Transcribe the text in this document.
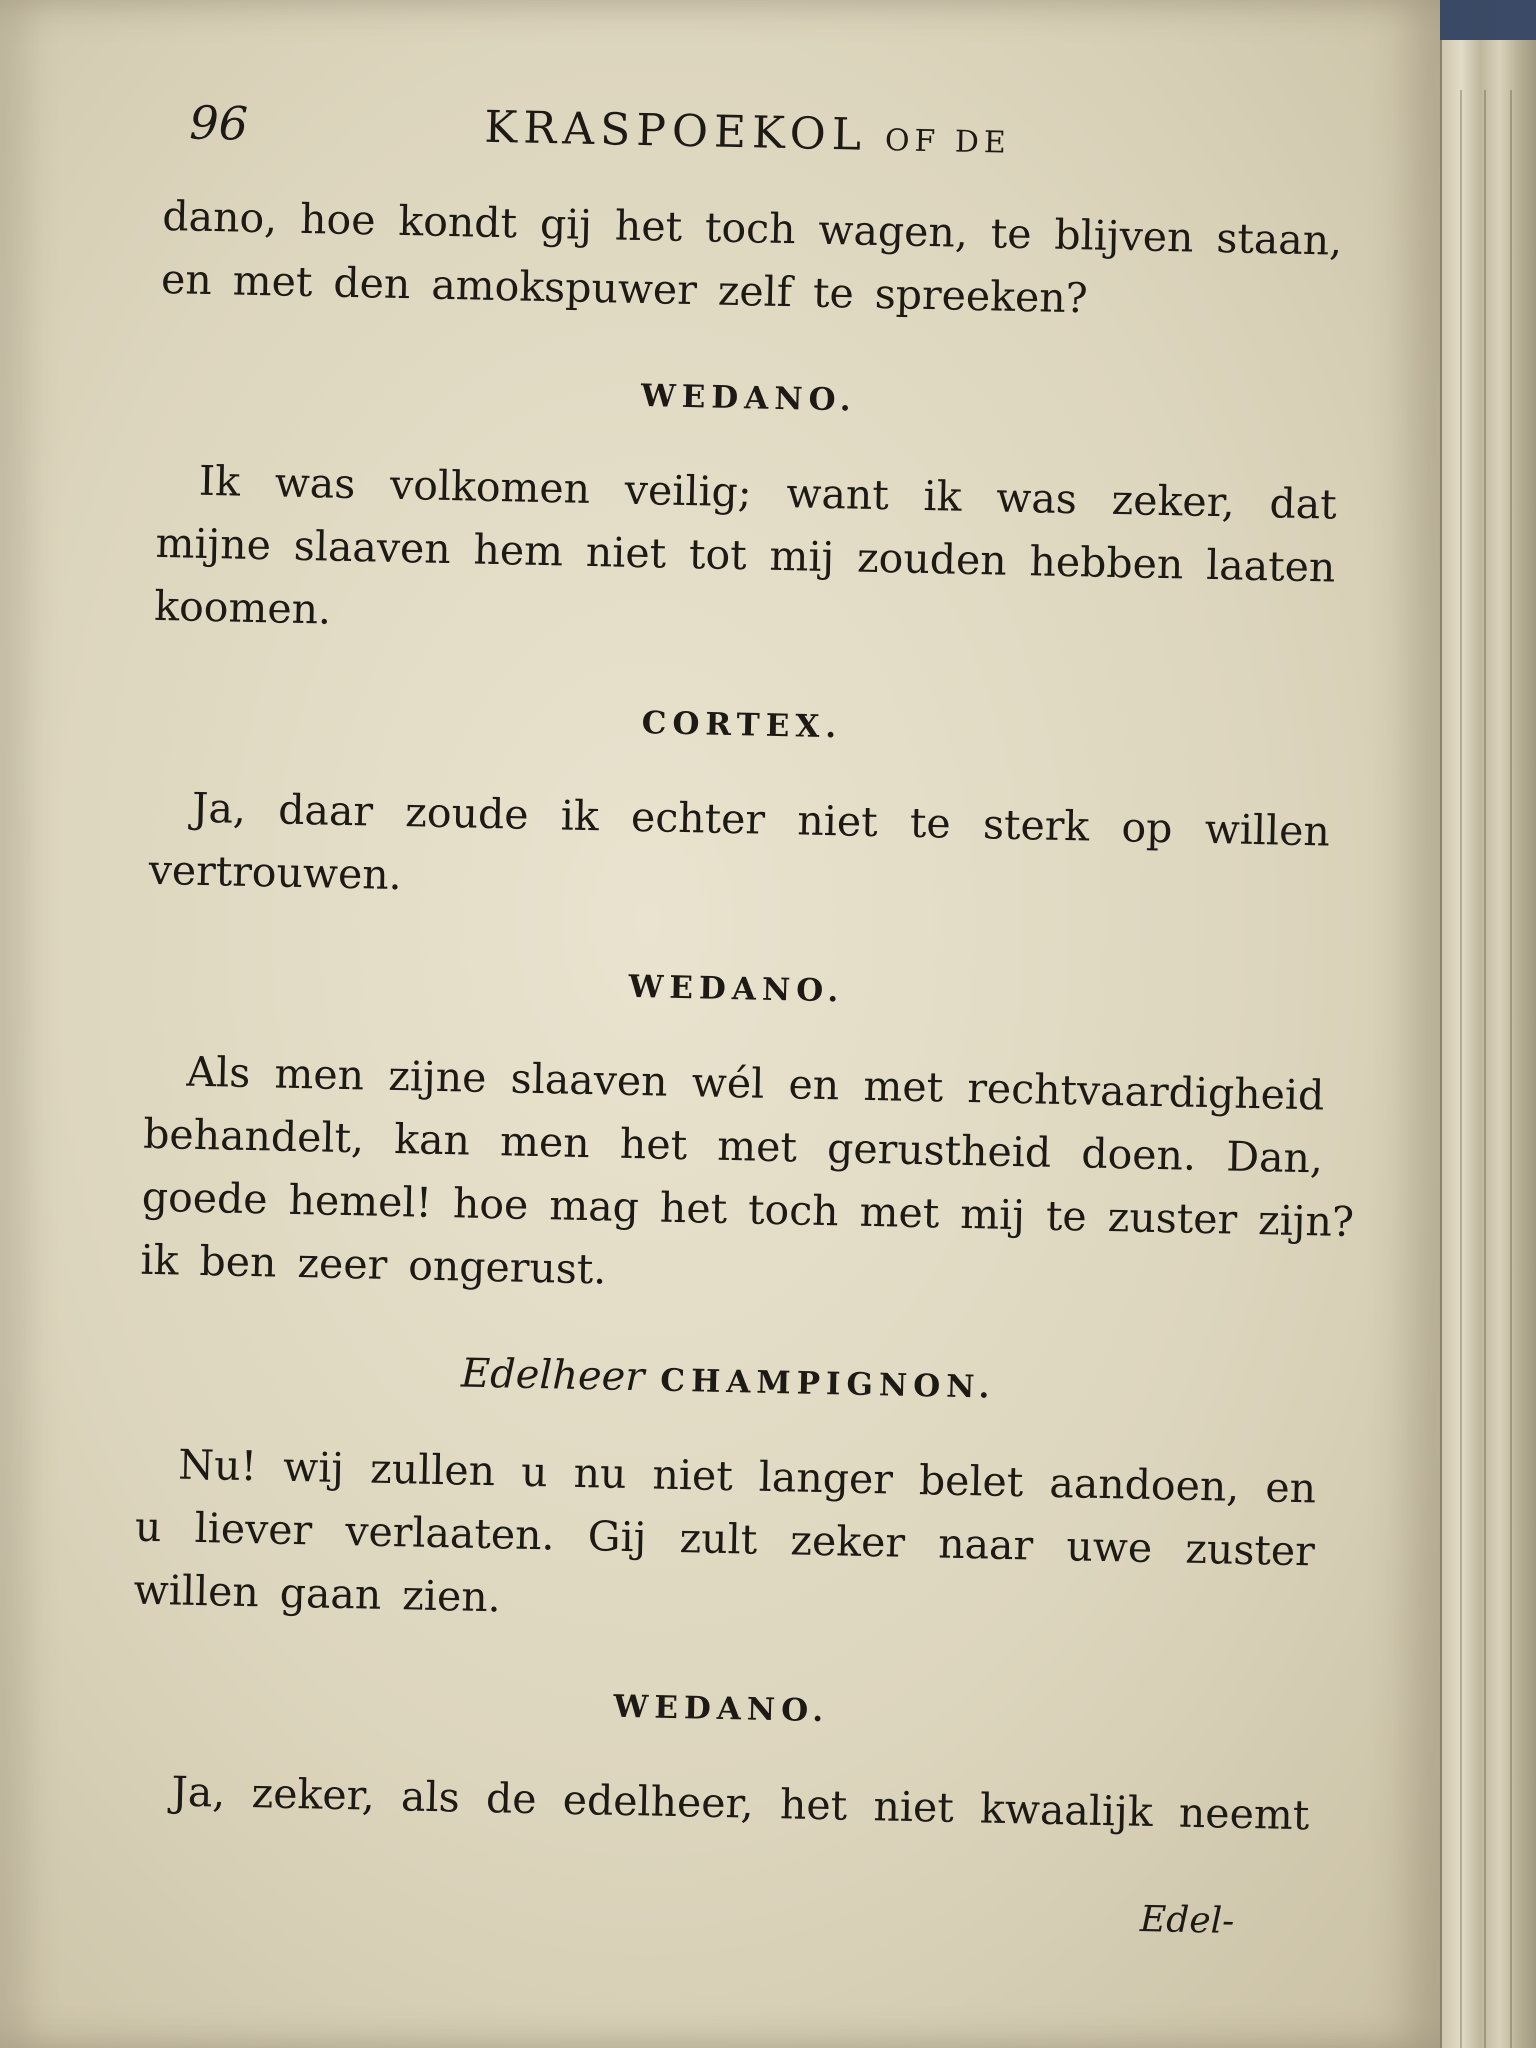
96	KRASPOEKOL OF DE
dano, hoe kondt gij het toch wagen, te blijven staan,
en met den amokspuwer zelf te spreeken?
WEDANO.
Ik was volkomen veilig; want ik was zeker, dat
mijne slaaven hem niet tot mij zouden hebben laaten
koomen.
CORTEX.
Ja, daar zoude ik echter niet te sterk op willen
vertrouwen.
WEDANO.
Als men zijne slaaven wél en met rechtvaardigheid
behandelt, kan men het met gerustheid doen. Dan,
goede hemel! hoe mag het toch met mij te zuster zijn?
ik ben zeer ongerust.
Edelheer CHAMPIGNON.
Nu! wij zullen u nu niet langer belet aandoen, en
u liever verlaaten. Gij zult zeker naar uwe zuster
willen gaan zien.
WEDANO.
Ja, zeker, als de edelheer, het niet kwaalijk neemt
Edel-
